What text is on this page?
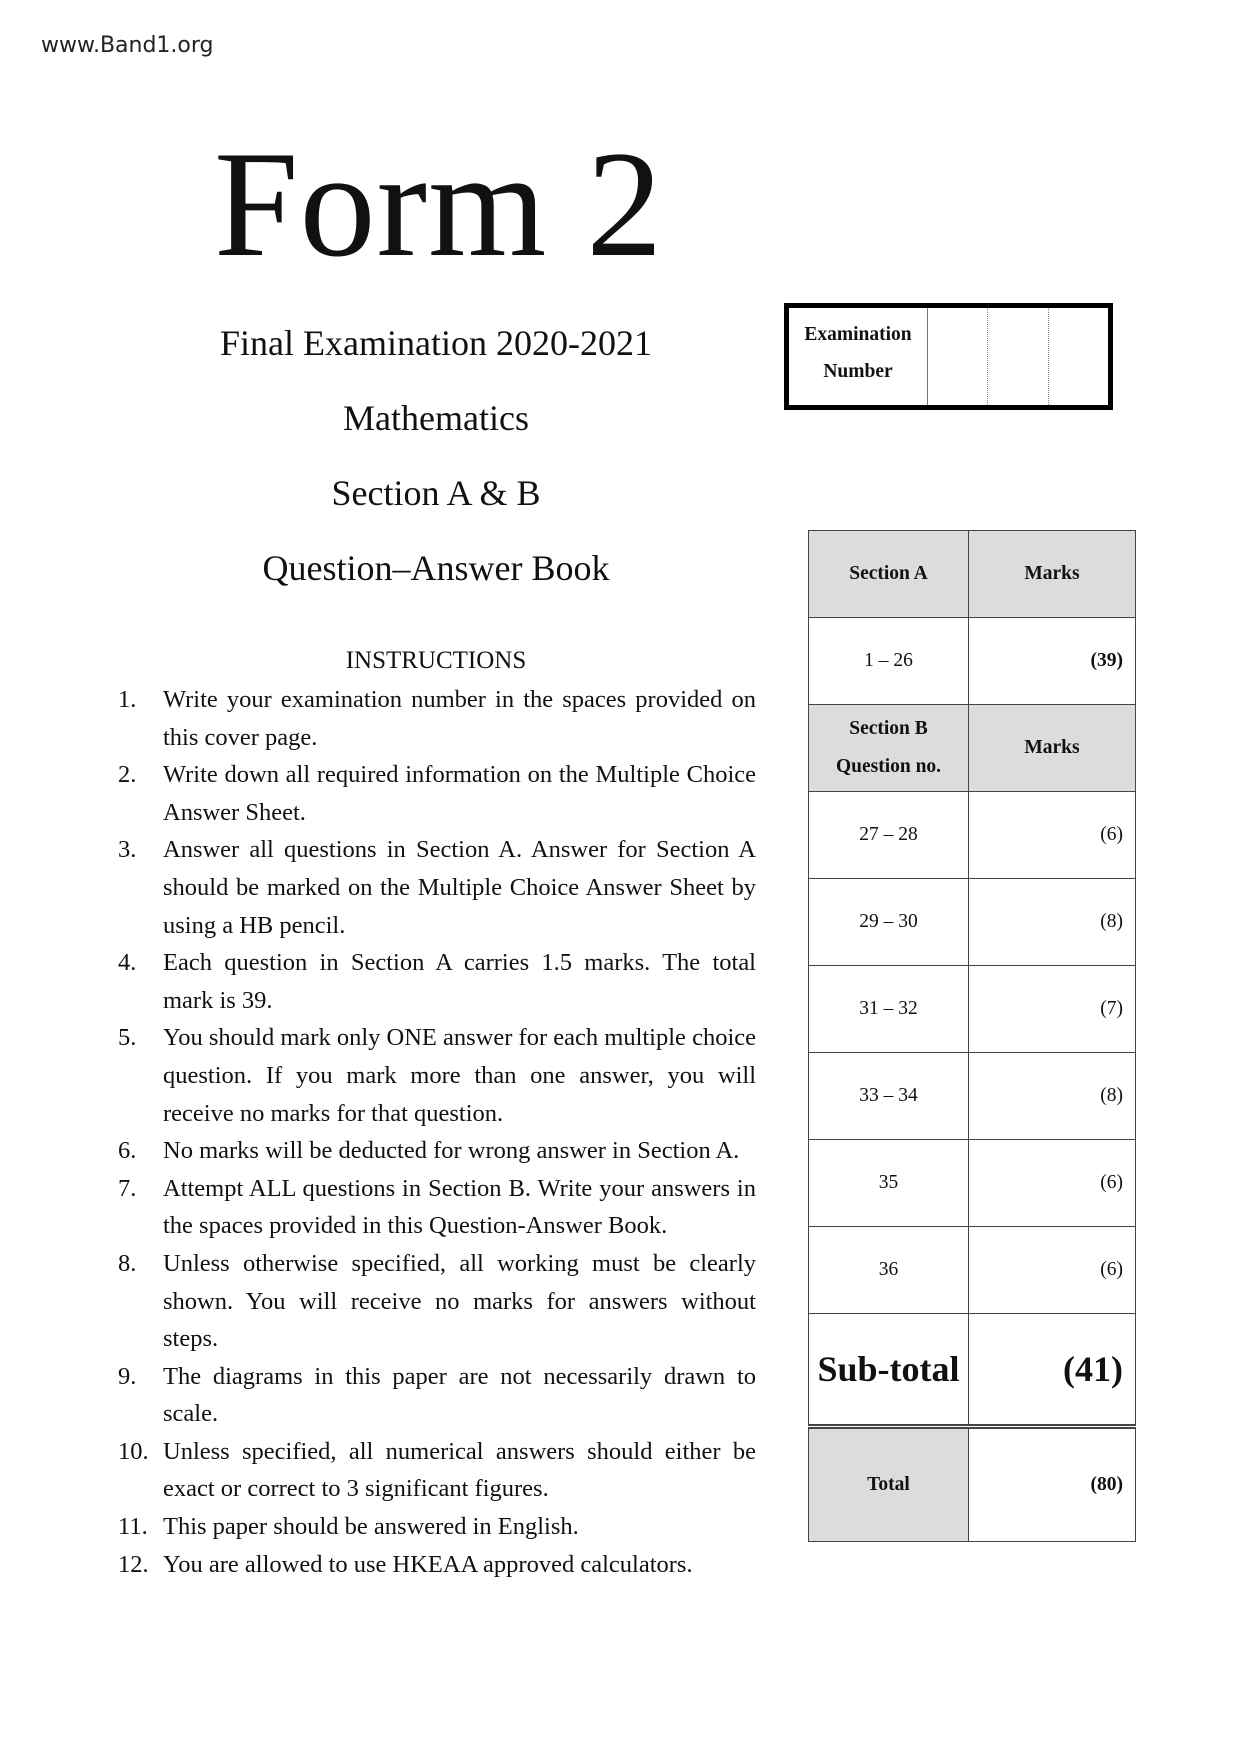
www.Band1.org
Form 2
Final Examination 2020-2021
Mathematics
Section A & B
Question–Answer Book
Examination
Number
INSTRUCTIONS
1. Write your examination number in the spaces provided on this cover page.
2. Write down all required information on the Multiple Choice Answer Sheet.
3. Answer all questions in Section A. Answer for Section A should be marked on the Multiple Choice Answer Sheet by using a HB pencil.
4. Each question in Section A carries 1.5 marks. The total mark is 39.
5. You should mark only ONE answer for each multiple choice question. If you mark more than one answer, you will receive no marks for that question.
6. No marks will be deducted for wrong answer in Section A.
7. Attempt ALL questions in Section B. Write your answers in the spaces provided in this Question-Answer Book.
8. Unless otherwise specified, all working must be clearly shown. You will receive no marks for answers without steps.
9. The diagrams in this paper are not necessarily drawn to scale.
10. Unless specified, all numerical answers should either be exact or correct to 3 significant figures.
11. This paper should be answered in English.
12. You are allowed to use HKEAA approved calculators.
Section A	Marks
1 – 26	(39)

Section B
Question no.	Marks
27 – 28	(6)
29 – 30	(8)
31 – 32	(7)
33 – 34	(8)
35	(6)
36	(6)
Sub-total	(41)
Total	(80)
